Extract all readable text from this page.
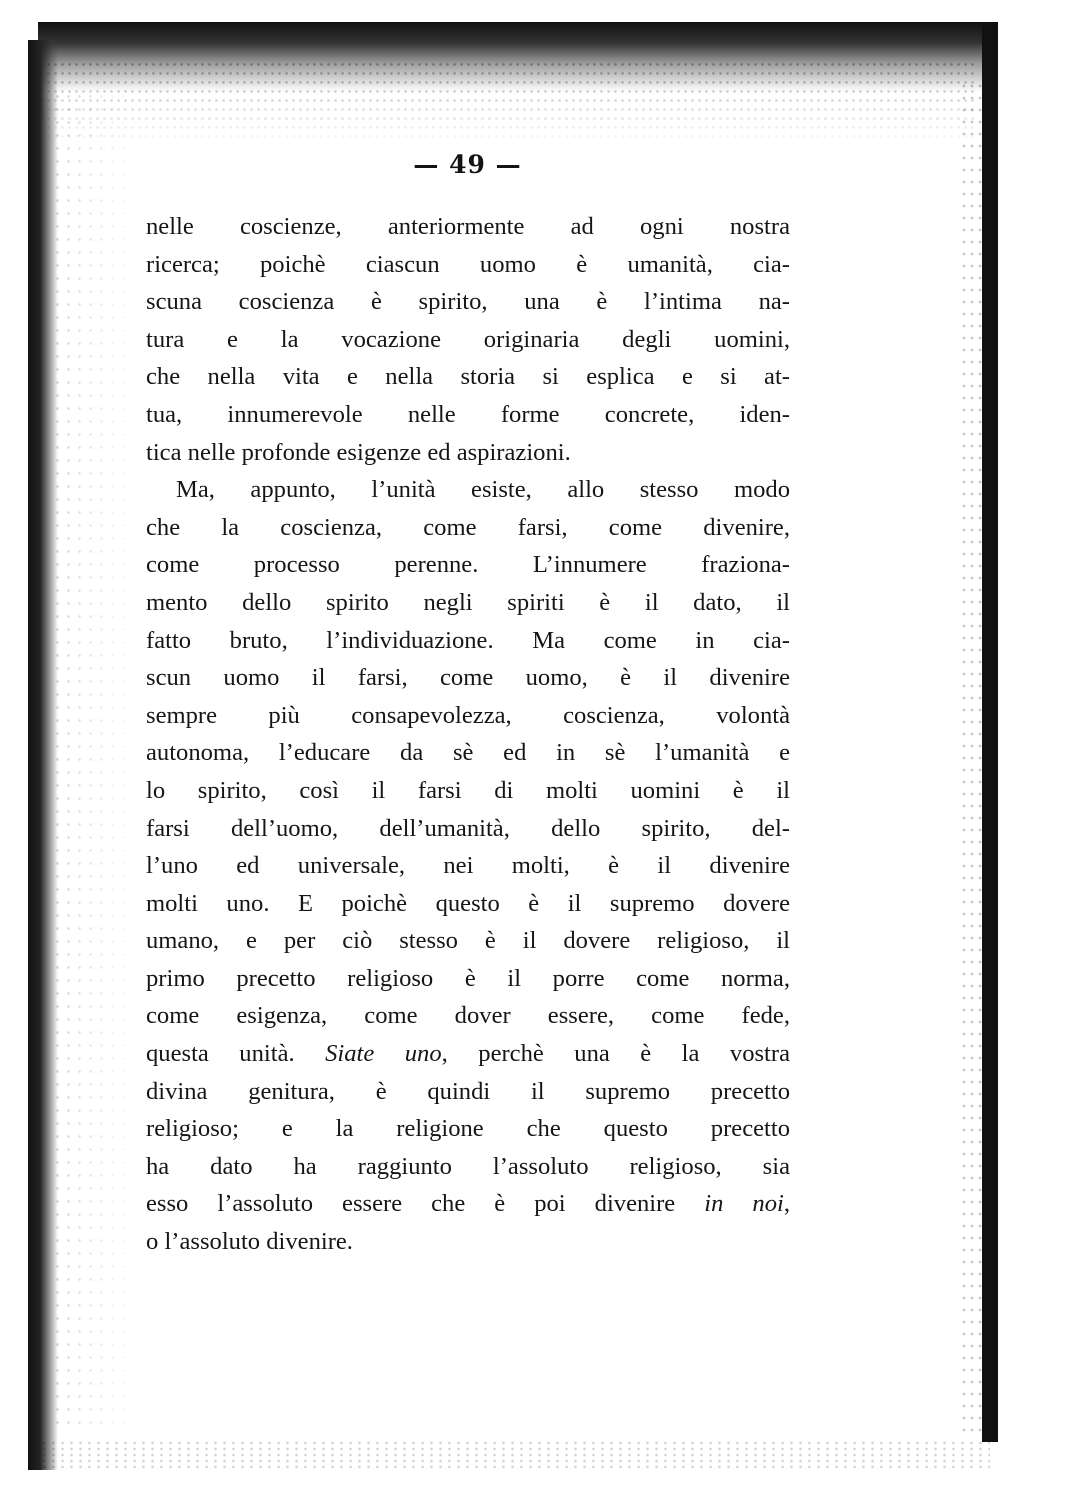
— 49 —
nelle coscienze, anteriormente ad ogni nostra
ricerca; poichè ciascun uomo è umanità, cia-
scuna coscienza è spirito, una è l’intima na-
tura e la vocazione originaria degli uomini,
che nella vita e nella storia si esplica e si at-
tua, innumerevole nelle forme concrete, iden-
tica nelle profonde esigenze ed aspirazioni.
Ma, appunto, l’unità esiste, allo stesso modo
che la coscienza, come farsi, come divenire,
come processo perenne. L’innumere fraziona-
mento dello spirito negli spiriti è il dato, il
fatto bruto, l’individuazione. Ma come in cia-
scun uomo il farsi, come uomo, è il divenire
sempre più consapevolezza, coscienza, volontà
autonoma, l’educare da sè ed in sè l’umanità e
lo spirito, così il farsi di molti uomini è il
farsi dell’uomo, dell’umanità, dello spirito, del-
l’uno ed universale, nei molti, è il divenire
molti uno. E poichè questo è il supremo dovere
umano, e per ciò stesso è il dovere religioso, il
primo precetto religioso è il porre come norma,
come esigenza, come dover essere, come fede,
questa unità. Siate uno, perchè una è la vostra
divina genitura, è quindi il supremo precetto
religioso; e la religione che questo precetto
ha dato ha raggiunto l’assoluto religioso, sia
esso l’assoluto essere che è poi divenire in noi,
o l’assoluto divenire.
